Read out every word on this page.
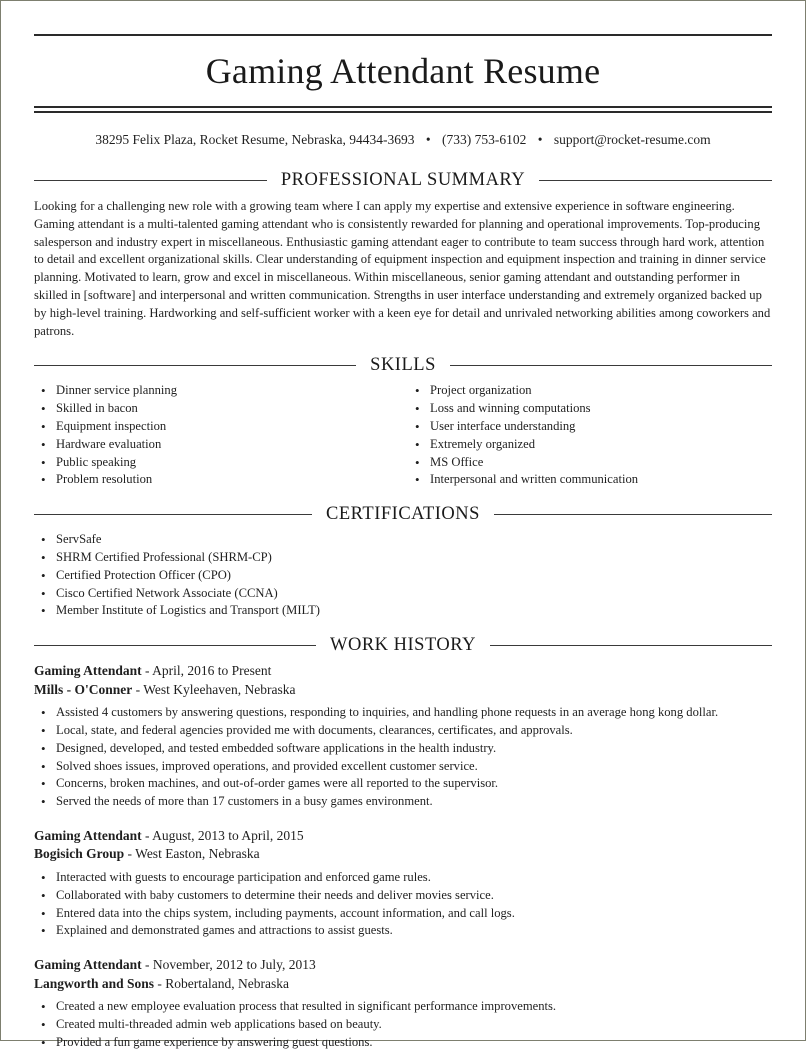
Gaming Attendant Resume
38295 Felix Plaza, Rocket Resume, Nebraska, 94434-3693 • (733) 753-6102 • support@rocket-resume.com
PROFESSIONAL SUMMARY

Looking for a challenging new role with a growing team where I can apply my expertise and extensive experience in software engineering. Gaming attendant is a multi-talented gaming attendant who is consistently rewarded for planning and operational improvements. Top-producing salesperson and industry expert in miscellaneous. Enthusiastic gaming attendant eager to contribute to team success through hard work, attention to detail and excellent organizational skills. Clear understanding of equipment inspection and equipment inspection and training in dinner service planning. Motivated to learn, grow and excel in miscellaneous. Within miscellaneous, senior gaming attendant and outstanding performer in skilled in [software] and interpersonal and written communication. Strengths in user interface understanding and extremely organized backed up by high-level training. Hardworking and self-sufficient worker with a keen eye for detail and unrivaled networking abilities among coworkers and patrons.

SKILLS
• Dinner service planning
• Skilled in bacon
• Equipment inspection
• Hardware evaluation
• Public speaking
• Problem resolution
• Project organization
• Loss and winning computations
• User interface understanding
• Extremely organized
• MS Office
• Interpersonal and written communication
CERTIFICATIONS
• ServSafe
• SHRM Certified Professional (SHRM-CP)
• Certified Protection Officer (CPO)
• Cisco Certified Network Associate (CCNA)
• Member Institute of Logistics and Transport (MILT)
WORK HISTORY
Gaming Attendant - April, 2016 to Present
Mills - O'Conner - West Kyleehaven, Nebraska
• Assisted 4 customers by answering questions, responding to inquiries, and handling phone requests in an average hong kong dollar.
• Local, state, and federal agencies provided me with documents, clearances, certificates, and approvals.
• Designed, developed, and tested embedded software applications in the health industry.
• Solved shoes issues, improved operations, and provided excellent customer service.
• Concerns, broken machines, and out-of-order games were all reported to the supervisor.
• Served the needs of more than 17 customers in a busy games environment.
Gaming Attendant - August, 2013 to April, 2015
Bogisich Group - West Easton, Nebraska
• Interacted with guests to encourage participation and enforced game rules.
• Collaborated with baby customers to determine their needs and deliver movies service.
• Entered data into the chips system, including payments, account information, and call logs.
• Explained and demonstrated games and attractions to assist guests.
Gaming Attendant - November, 2012 to July, 2013
Langworth and Sons - Robertaland, Nebraska
• Created a new employee evaluation process that resulted in significant performance improvements.
• Created multi-threaded admin web applications based on beauty.
• Provided a fun game experience by answering guest questions.
